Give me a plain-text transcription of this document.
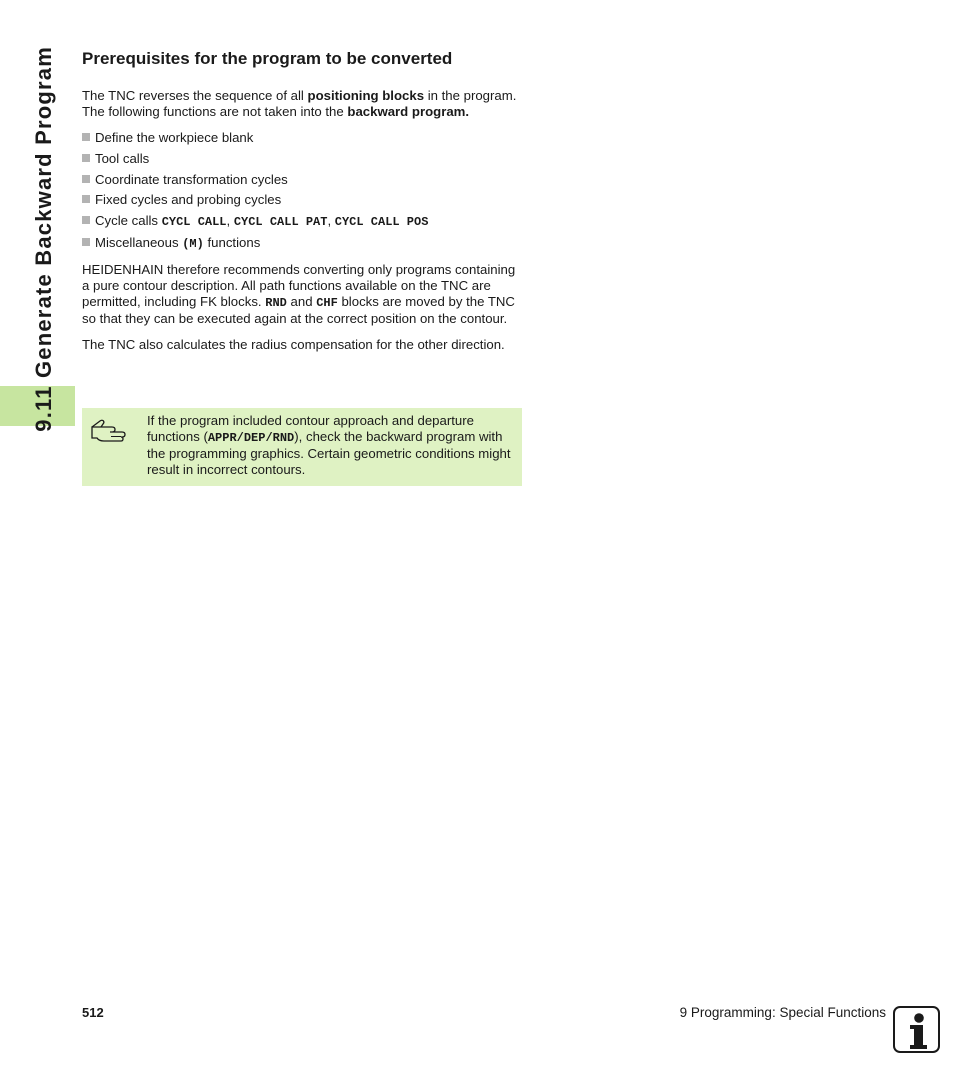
9.11 Generate Backward Program	Prerequisites for the program to be converted

The TNC reverses the sequence of all positioning blocks in the program. The following functions are not taken into the backward program.

Define the workpiece blank
Tool calls
Coordinate transformation cycles
Fixed cycles and probing cycles
Cycle calls CYCL CALL, CYCL CALL PAT, CYCL CALL POS
Miscellaneous (M) functions

HEIDENHAIN therefore recommends converting only programs containing a pure contour description. All path functions available on the TNC are permitted, including FK blocks. RND and CHF blocks are moved by the TNC so that they can be executed again at the correct position on the contour.

The TNC also calculates the radius compensation for the other direction.

If the program included contour approach and departure functions (APPR/DEP/RND), check the backward program with the programming graphics. Certain geometric conditions might result in incorrect contours.
512	9 Programming: Special Functions
